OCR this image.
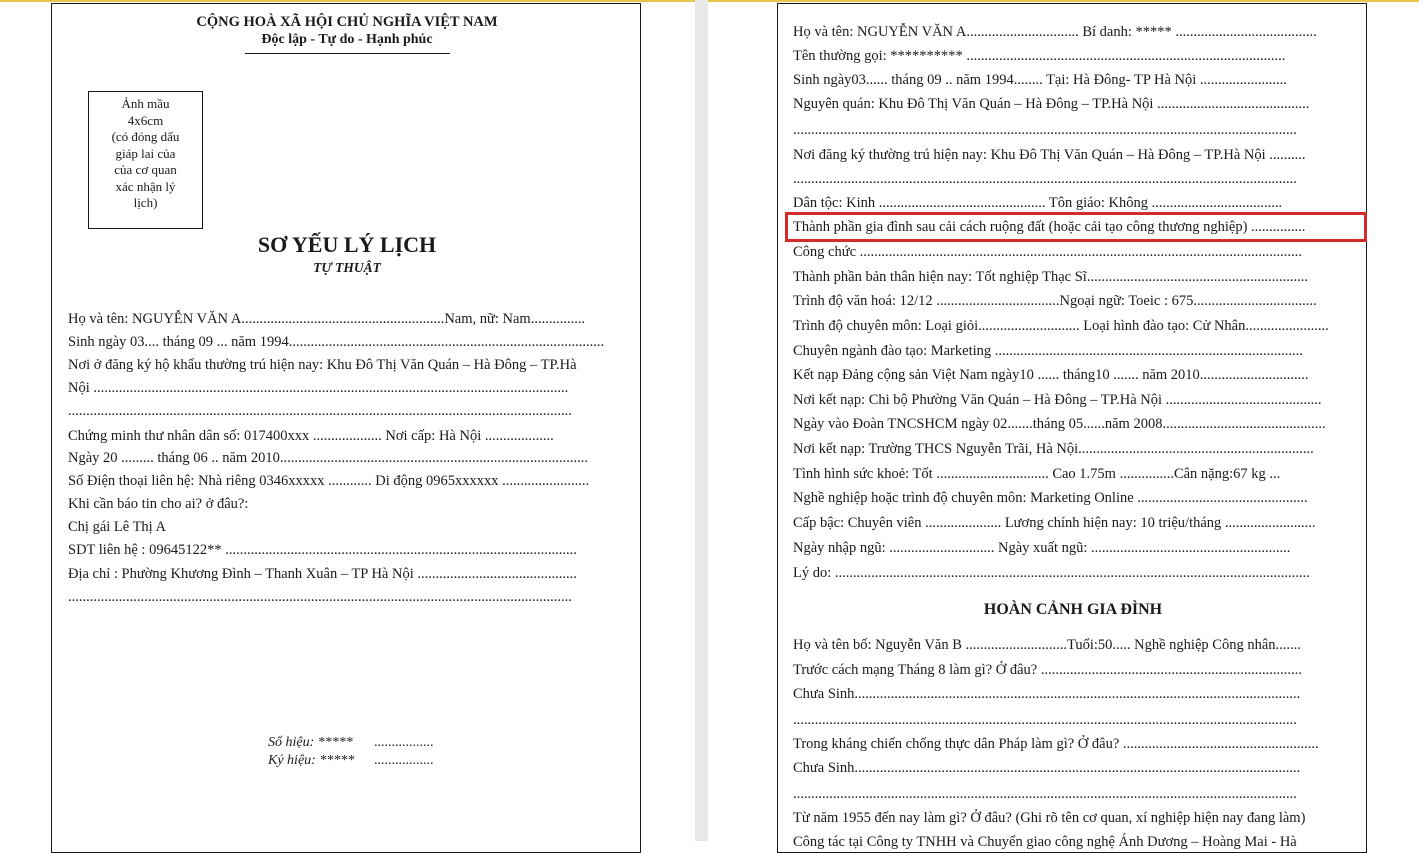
CỘNG HOÀ XÃ HỘI CHỦ NGHĨA VIỆT NAM
Độc lập - Tự do - Hạnh phúc
Ảnh mầu
4x6cm
(có đóng dấu
giáp lai của
của cơ quan
xác nhận lý
lịch)
SƠ YẾU LÝ LỊCH
TỰ THUẬT
Họ và tên: NGUYỄN VĂN A........................................................Nam, nữ: Nam...............
Sinh ngày 03.... tháng 09 ... năm 1994.......................................................................................
Nơi ở đăng ký hộ khẩu thường trú hiện nay: Khu Đô Thị Văn Quán – Hà Đông – TP.Hà
Nội ...................................................................................................................................
...........................................................................................................................................
Chứng minh thư nhân dân số: 017400xxx ................... Nơi cấp: Hà Nội ...................
Ngày 20 ......... tháng 06 .. năm 2010.....................................................................................
Số Điện thoại liên hệ: Nhà riêng 0346xxxxx ............ Di động 0965xxxxxx ........................
Khi cần báo tin cho ai? ở đâu?:
Chị gái Lê Thị A
SDT liên hệ : 09645122** .................................................................................................
Địa chỉ : Phường Khương Đình – Thanh Xuân – TP Hà Nội ............................................
...........................................................................................................................................
Số hiệu: ***** .................
Ký hiệu: ***** .................
Họ và tên: NGUYỄN VĂN A............................... Bí danh: ***** .......................................
Tên thường gọi: ********** ........................................................................................
Sinh ngày03...... tháng 09 .. năm 1994........ Tại: Hà Đông- TP Hà Nội ........................
Nguyên quán: Khu Đô Thị Văn Quán – Hà Đông – TP.Hà Nội ..........................................
...........................................................................................................................................
Nơi đăng ký thường trú hiện nay: Khu Đô Thị Văn Quán – Hà Đông – TP.Hà Nội ..........
...........................................................................................................................................
Dân tộc: Kinh .............................................. Tôn giáo: Không ....................................
Thành phần gia đình sau cải cách ruộng đất (hoặc cải tạo công thương nghiệp) ...............
Công chức ..........................................................................................................................
Thành phần bản thân hiện nay: Tốt nghiệp Thạc Sĩ.............................................................
Trình độ văn hoá: 12/12 ..................................Ngoại ngữ: Toeic : 675..................................
Trình độ chuyên môn: Loại giỏi............................ Loại hình đào tạo: Cử Nhân.......................
Chuyên ngành đào tạo: Marketing .....................................................................................
Kết nạp Đảng cộng sản Việt Nam ngày10 ...... tháng10 ....... năm 2010..............................
Nơi kết nạp: Chi bộ Phường Văn Quán – Hà Đông – TP.Hà Nội ...........................................
Ngày vào Đoàn TNCSHCM ngày 02.......tháng 05......năm 2008.............................................
Nơi kết nạp: Trường THCS Nguyễn Trãi, Hà Nội.................................................................
Tình hình sức khoẻ: Tốt ............................... Cao 1.75m ...............Cân nặng:67 kg ...
Nghề nghiệp hoặc trình độ chuyên môn: Marketing Online ...............................................
Cấp bậc: Chuyên viên ..................... Lương chính hiện nay: 10 triệu/tháng .........................
Ngày nhập ngũ: ............................. Ngày xuất ngũ: .......................................................
Lý do: ...................................................................................................................................
HOÀN CẢNH GIA ĐÌNH
Họ và tên bố: Nguyễn Văn B ............................Tuổi:50..... Nghề nghiệp Công nhân.......
Trước cách mạng Tháng 8 làm gì? Ở đâu? ........................................................................
Chưa Sinh...........................................................................................................................
...........................................................................................................................................
Trong kháng chiến chống thực dân Pháp làm gì? Ở đâu? ......................................................
Chưa Sinh...........................................................................................................................
...........................................................................................................................................
Từ năm 1955 đến nay làm gì? Ở đâu? (Ghi rõ tên cơ quan, xí nghiệp hiện nay đang làm)
Công tác tại Công ty TNHH và Chuyển giao công nghệ Ánh Dương – Hoàng Mai - Hà
